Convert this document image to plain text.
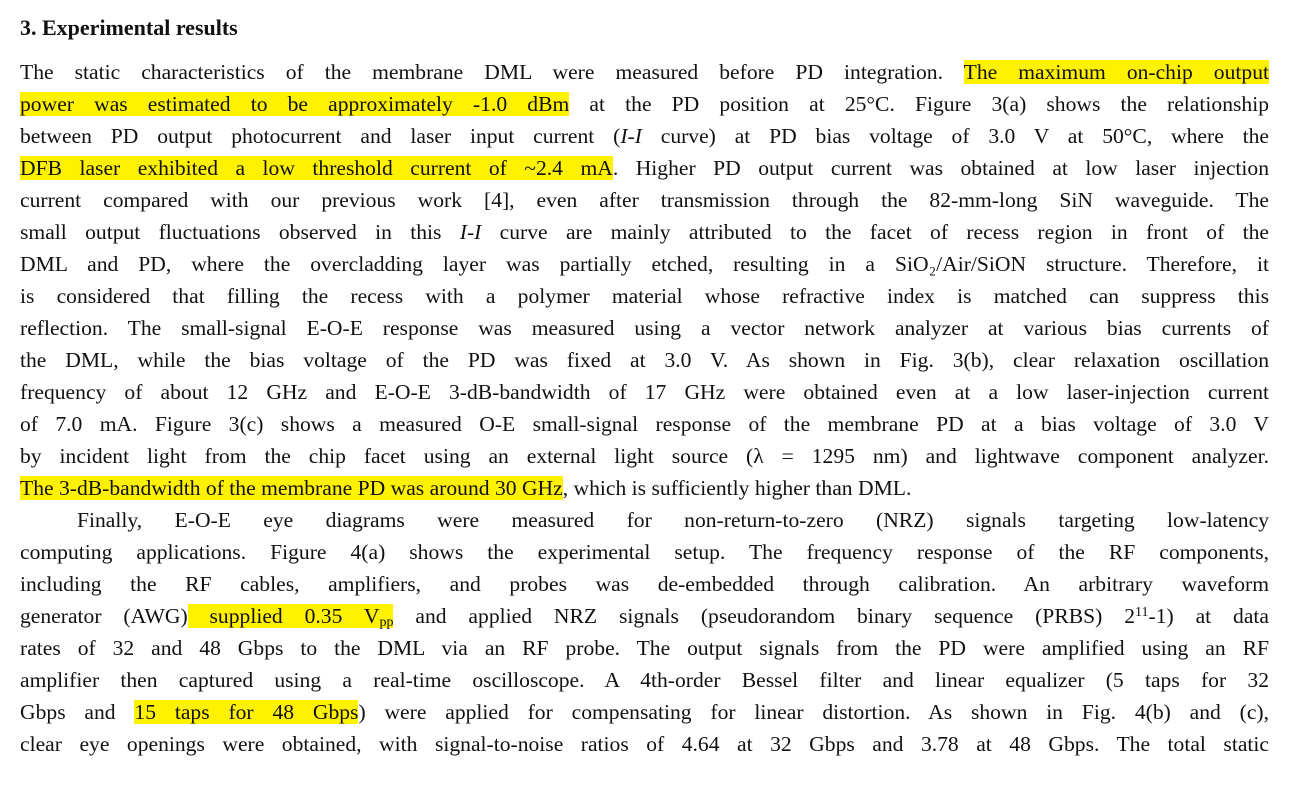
3. Experimental results
The static characteristics of the membrane DML were measured before PD integration. The maximum on-chip output
power was estimated to be approximately -1.0 dBm at the PD position at 25°C. Figure 3(a) shows the relationship
between PD output photocurrent and laser input current (I-I curve) at PD bias voltage of 3.0 V at 50°C, where the
DFB laser exhibited a low threshold current of ~2.4 mA. Higher PD output current was obtained at low laser injection
current compared with our previous work [4], even after transmission through the 82-mm-long SiN waveguide. The
small output fluctuations observed in this I-I curve are mainly attributed to the facet of recess region in front of the
DML and PD, where the overcladding layer was partially etched, resulting in a SiO₂/Air/SiON structure. Therefore, it
is considered that filling the recess with a polymer material whose refractive index is matched can suppress this
reflection. The small-signal E-O-E response was measured using a vector network analyzer at various bias currents of
the DML, while the bias voltage of the PD was fixed at 3.0 V. As shown in Fig. 3(b), clear relaxation oscillation
frequency of about 12 GHz and E-O-E 3-dB-bandwidth of 17 GHz were obtained even at a low laser-injection current
of 7.0 mA. Figure 3(c) shows a measured O-E small-signal response of the membrane PD at a bias voltage of 3.0 V
by incident light from the chip facet using an external light source (λ = 1295 nm) and lightwave component analyzer.
The 3-dB-bandwidth of the membrane PD was around 30 GHz, which is sufficiently higher than DML.
Finally, E-O-E eye diagrams were measured for non-return-to-zero (NRZ) signals targeting low-latency
computing applications. Figure 4(a) shows the experimental setup. The frequency response of the RF components,
including the RF cables, amplifiers, and probes was de-embedded through calibration. An arbitrary waveform
generator (AWG) supplied 0.35 $V_{pp}$ and applied NRZ signals (pseudorandom binary sequence (PRBS) $2^{11}-1$) at data
rates of 32 and 48 Gbps to the DML via an RF probe. The output signals from the PD were amplified using an RF
amplifier then captured using a real-time oscilloscope. A 4th-order Bessel filter and linear equalizer (5 taps for 32
Gbps and 15 taps for 48 Gbps) were applied for compensating for linear distortion. As shown in Fig. 4(b) and (c),
clear eye openings were obtained, with signal-to-noise ratios of 4.64 at 32 Gbps and 3.78 at 48 Gbps. The total static
